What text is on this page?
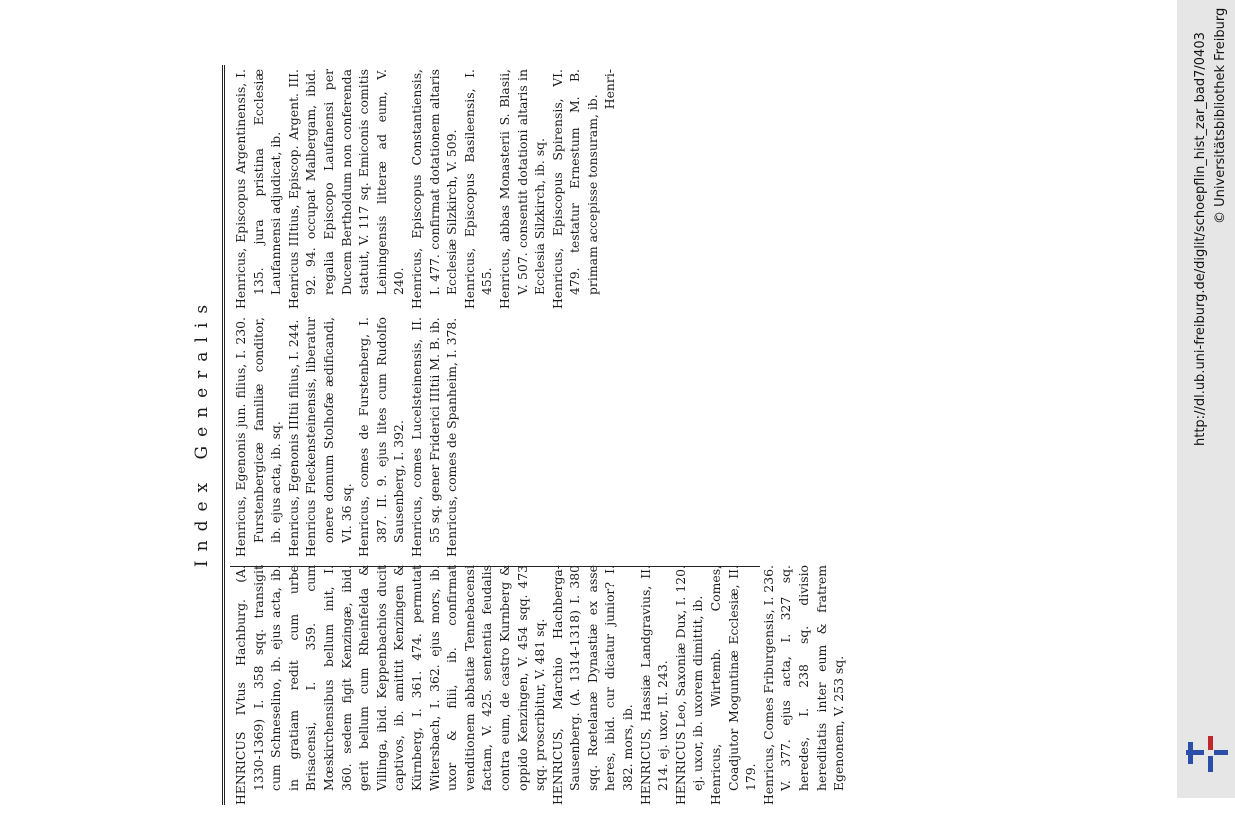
Index Generalis

HENRICUS IVtus Hachburg. (A. 1330-1369) I. 358 sqq. transigit cum Schneselino, ib. ejus acta, ib. in gratiam redit cum urbe Brisacensi, I. 359. cum Mœskirchensibus bellum init, I. 360. sedem figit Kenzingæ, ibid. gerit bellum cum Rheinfelda & Villinga, ibid. Keppenbachios ducit captivos, ib. amittit Kenzingen & Kürnberg, I. 361. 474. permutat Witersbach, I. 362. ejus mors, ib. uxor & filii, ib. confirmat venditionem abbatiæ Tennebacensi factam, V. 425. sententia feudalis contra eum, de castro Kurnberg & oppido Kenzingen, V. 454 sqq. 473 sqq. proscribitur, V. 481 sq. HENRICUS, Marchio Hachberga-Sausenberg. (A. 1314-1318) I. 380 sqq. Rœtelanæ Dynastiæ ex asse heres, ibid. cur dicatur junior? I. 382. mors, ib. HENRICUS, Hassiæ Landgravius, II. 214. ej. uxor, II. 243. HENRICUS Leo, Saxoniæ Dux, I. 120. ej. uxor, ib. uxorem dimittit, ib. Henricus, Wirtemb. Comes, Coadjutor Moguntinæ Ecclesiæ, II. 179. Henricus, Comes Friburgensis, I. 236. V. 377. ejus acta, I. 327 sq. heredes, I. 238 sq. divisio hereditatis inter eum & fratrem Egenonem, V. 253 sq.

Henricus, Egenonis jun. filius, I. 230. Furstenbergicæ familiæ conditor, ib. ejus acta, ib. sq. Henricus, Egenonis IIItii filius, I. 244. Henricus Fleckensteinensis, liberatur onere domum Stolhofæ ædificandi, VI. 36 sq. Henricus, comes de Furstenberg, I. 387. II. 9. ejus lites cum Rudolfo Sausenberg, I. 392. Henricus, comes Lucelsteinensis, II. 55 sq. gener Friderici IIItii M. B. ib. Henricus, comes de Spanheim, I. 378.

Henricus, Episcopus Argentinensis, I. 135. jura pristina Ecclesiæ Laufannensi adjudicat, ib. Henricus IIItius, Episcop. Argent. III. 92. 94. occupat Malbergam, ibid. regalia Episcopo Laufanensi per Ducem Bertholdum non conferenda statuit, V. 117 sq. Emiconis comitis Leiningensis litteræ ad eum, V. 240. Henricus, Episcopus Constantiensis, I. 477. confirmat dotationem altaris Ecclesiæ Silzkirch, V. 509. Henricus, Episcopus Basileensis, I. 455. Henricus, abbas Monasterii S. Blasii, V. 507. consentit dotationi altaris in Ecclesia Silzkirch, ib. sq. Henricus, Episcopus Spirensis, VI. 479. testatur Ernestum M. B. primam accepisse tonsuram, ib.

Henri-	http://dl.ub.uni-freiburg.de/diglit/schoepflin_hist_zar_bad7/0403 © Universitätsbibliothek Freiburg
